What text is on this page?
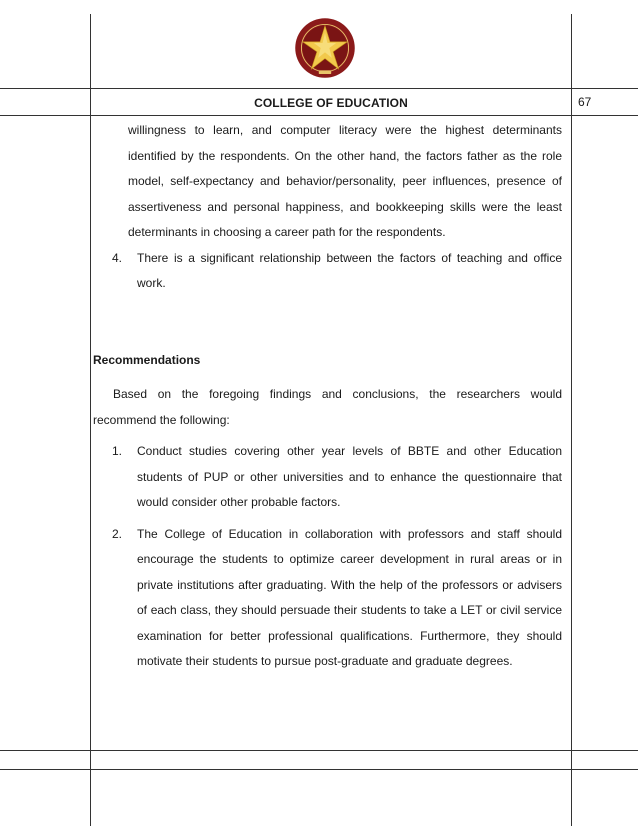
COLLEGE OF EDUCATION	67

willingness to learn, and computer literacy were the highest determinants identified by the respondents. On the other hand, the factors father as the role model, self-expectancy and behavior/personality, peer influences, presence of assertiveness and personal happiness, and bookkeeping skills were the least determinants in choosing a career path for the respondents.

4. There is a significant relationship between the factors of teaching and office work.

Recommendations

Based on the foregoing findings and conclusions, the researchers would recommend the following:

1. Conduct studies covering other year levels of BBTE and other Education students of PUP or other universities and to enhance the questionnaire that would consider other probable factors.

2. The College of Education in collaboration with professors and staff should encourage the students to optimize career development in rural areas or in private institutions after graduating. With the help of the professors or advisers of each class, they should persuade their students to take a LET or civil service examination for better professional qualifications. Furthermore, they should motivate their students to pursue post-graduate and graduate degrees.
